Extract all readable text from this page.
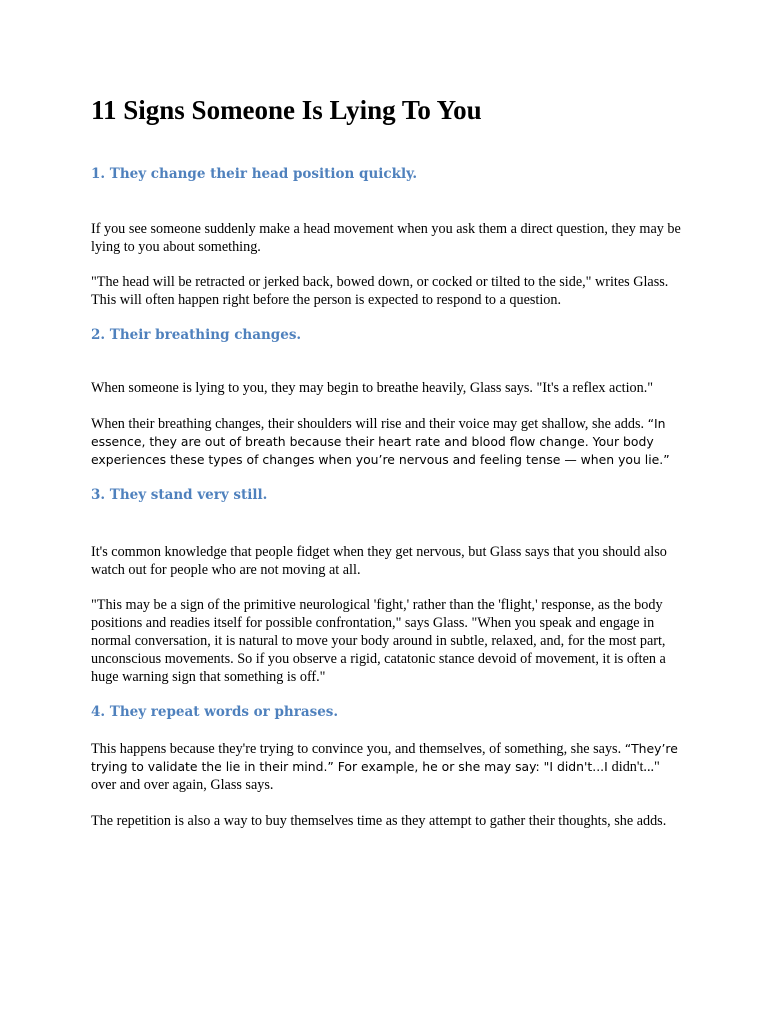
11 Signs Someone Is Lying To You
1. They change their head position quickly.

If you see someone suddenly make a head movement when you ask them a direct question, they may be lying to you about something.

"The head will be retracted or jerked back, bowed down, or cocked or tilted to the side," writes Glass. This will often happen right before the person is expected to respond to a question.

2. Their breathing changes.

When someone is lying to you, they may begin to breathe heavily, Glass says. "It's a reflex action."

When their breathing changes, their shoulders will rise and their voice may get shallow, she adds. “In essence, they are out of breath because their heart rate and blood flow change. Your body experiences these types of changes when you’re nervous and feeling tense — when you lie.”

3. They stand very still.

It's common knowledge that people fidget when they get nervous, but Glass says that you should also watch out for people who are not moving at all.

"This may be a sign of the primitive neurological 'fight,' rather than the 'flight,' response, as the body positions and readies itself for possible confrontation," says Glass. "When you speak and engage in normal conversation, it is natural to move your body around in subtle, relaxed, and, for the most part, unconscious movements. So if you observe a rigid, catatonic stance devoid of movement, it is often a huge warning sign that something is off."

4. They repeat words or phrases.

This happens because they're trying to convince you, and themselves, of something, she says. “They’re trying to validate the lie in their mind.” For example, he or she may say: "I didn't...I didn't..." over and over again, Glass says.

The repetition is also a way to buy themselves time as they attempt to gather their thoughts, she adds.
